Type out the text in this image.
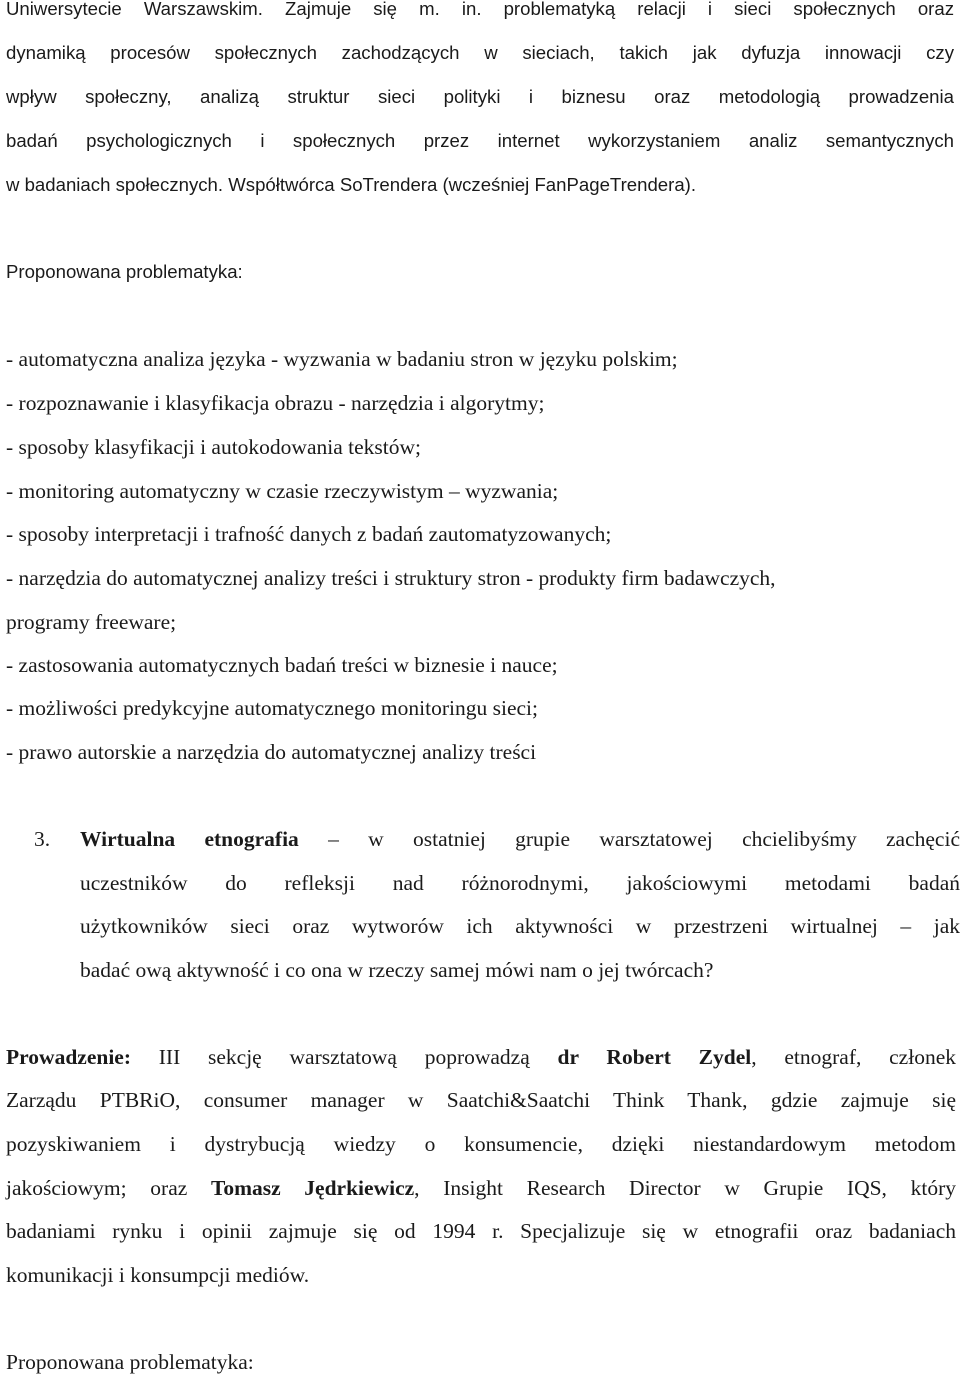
Uniwersytecie Warszawskim. Zajmuje się m. in. problematyką relacji i sieci społecznych oraz
dynamiką procesów społecznych zachodzących w sieciach, takich jak dyfuzja innowacji czy
wpływ społeczny, analizą struktur sieci polityki i biznesu oraz metodologią prowadzenia
badań psychologicznych i społecznych przez internet wykorzystaniem analiz semantycznych
w badaniach społecznych. Współtwórca SoTrendera (wcześniej FanPageTrendera).
Proponowana problematyka:
- automatyczna analiza języka - wyzwania w badaniu stron w języku polskim;
- rozpoznawanie i klasyfikacja obrazu - narzędzia i algorytmy;
- sposoby klasyfikacji i autokodowania tekstów;
- monitoring automatyczny w czasie rzeczywistym – wyzwania;
- sposoby interpretacji i trafność danych z badań zautomatyzowanych;
- narzędzia do automatycznej analizy treści i struktury stron - produkty firm badawczych,
programy freeware;
- zastosowania automatycznych badań treści w biznesie i nauce;
- możliwości predykcyjne automatycznego monitoringu sieci;
- prawo autorskie a narzędzia do automatycznej analizy treści
3. Wirtualna etnografia – w ostatniej grupie warsztatowej chcielibyśmy zachęcić
uczestników do refleksji nad różnorodnymi, jakościowymi metodami badań
użytkowników sieci oraz wytworów ich aktywności w przestrzeni wirtualnej – jak
badać ową aktywność i co ona w rzeczy samej mówi nam o jej twórcach?
Prowadzenie: III sekcję warsztatową poprowadzą dr Robert Zydel, etnograf, członek
Zarządu PTBRiO, consumer manager w Saatchi&Saatchi Think Thank, gdzie zajmuje się
pozyskiwaniem i dystrybucją wiedzy o konsumencie, dzięki niestandardowym metodom
jakościowym; oraz Tomasz Jędrkiewicz, Insight Research Director w Grupie IQS, który
badaniami rynku i opinii zajmuje się od 1994 r. Specjalizuje się w etnografii oraz badaniach
komunikacji i konsumpcji mediów.
Proponowana problematyka:
